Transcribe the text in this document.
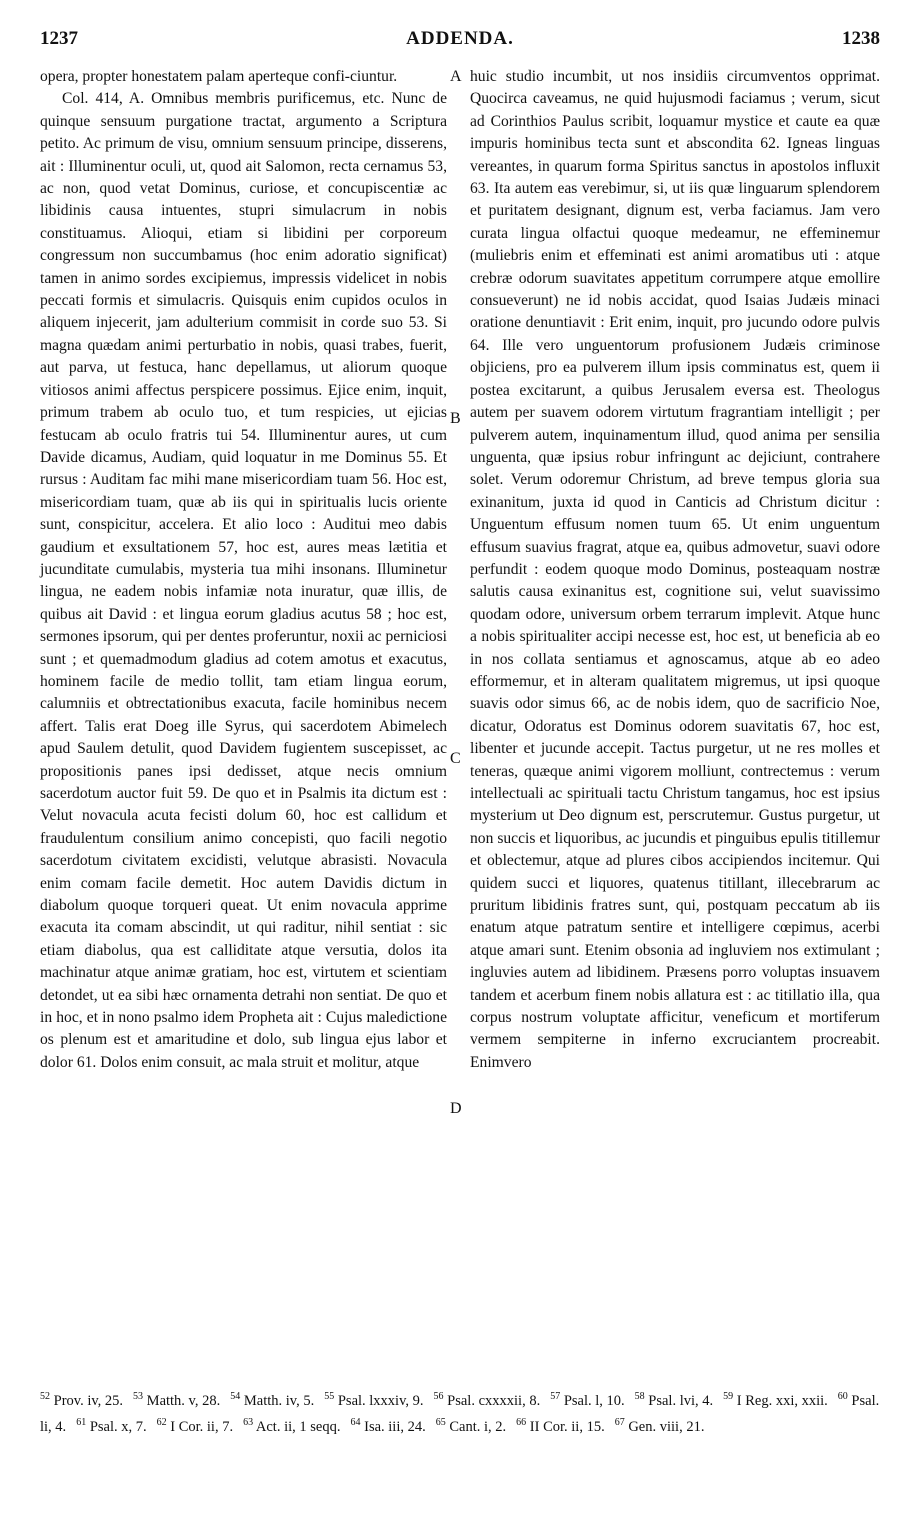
1237	ADDENDA.	1238

opera, propter honestatem palam aperteque confi-ciuntur.

Col. 414, A. Omnibus membris purificemus, etc. Nunc de quinque sensuum purgatione tractat, argumento a Scriptura petito. Ac primum de visu, omnium sensuum principe, disserens, ait : Illuminentur oculi, ut, quod ait Salomon, recta cernamus 53, ac non, quod vetat Dominus, curiose, et concupiscentiæ ac libidinis causa intuentes, stupri simulacrum in nobis constituamus. Alioqui, etiam si libidini per corporeum congressum non succumbamus (hoc enim adoratio significat) tamen in animo sordes excipiemus, impressis videlicet in nobis peccati formis et simulacris. Quisquis enim cupidos oculos in aliquem injecerit, jam adulterium commisit in corde suo 53. Si magna quædam animi perturbatio in nobis, quasi trabes, fuerit, aut parva, ut festuca, hanc depellamus, ut aliorum quoque vitiosos animi affectus perspicere possimus. Ejice enim, inquit, primum trabem ab oculo tuo, et tum respicies, ut ejicias festucam ab oculo fratris tui 54. Illuminentur aures, ut cum Davide dicamus, Audiam, quid loquatur in me Dominus 55. Et rursus : Auditam fac mihi mane misericordiam tuam 56. Hoc est, misericordiam tuam, quæ ab iis qui in spiritualis lucis oriente sunt, conspicitur, accelera. Et alio loco : Auditui meo dabis gaudium et exsultationem 57, hoc est, aures meas lætitia et jucunditate cumulabis, mysteria tua mihi insonans. Illuminetur lingua, ne eadem nobis infamiæ nota inuratur, quæ illis, de quibus ait David : et lingua eorum gladius acutus 58 ; hoc est, sermones ipsorum, qui per dentes proferuntur, noxii ac perniciosi sunt ; et quemadmodum gladius ad cotem amotus et exacutus, hominem facile de medio tollit, tam etiam lingua eorum, calumniis et obtrectationibus exacuta, facile hominibus necem affert. Talis erat Doeg ille Syrus, qui sacerdotem Abimelech apud Saulem detulit, quod Davidem fugientem suscepisset, ac propositionis panes ipsi dedisset, atque necis omnium sacerdotum auctor fuit 59. De quo et in Psalmis ita dictum est : Velut novacula acuta fecisti dolum 60, hoc est callidum et fraudulentum consilium animo concepisti, quo facili negotio sacerdotum civitatem excidisti, velutque abrasisti. Novacula enim comam facile demetit. Hoc autem Davidis dictum in diabolum quoque torqueri queat. Ut enim novacula apprime exacuta ita comam abscindit, ut qui raditur, nihil sentiat : sic etiam diabolus, qua est calliditate atque versutia, dolos ita machinatur atque animæ gratiam, hoc est, virtutem et scientiam detondet, ut ea sibi hæc ornamenta detrahi non sentiat. De quo et in hoc, et in nono psalmo idem Propheta ait : Cujus maledictione os plenum est et amaritudine et dolo, sub lingua ejus labor et dolor 61. Dolos enim consuit, ac mala struit et molitur, atque

A
B
C
D

huic studio incumbit, ut nos insidiis circumventos opprimat. Quocirca caveamus, ne quid hujusmodi faciamus ; verum, sicut ad Corinthios Paulus scribit, loquamur mystice et caute ea quæ impuris hominibus tecta sunt et abscondita 62. Igneas linguas vereantes, in quarum forma Spiritus sanctus in apostolos influxit 63. Ita autem eas verebimur, si, ut iis quæ linguarum splendorem et puritatem designant, dignum est, verba faciamus. Jam vero curata lingua olfactui quoque medeamur, ne effeminemur (muliebris enim et effeminati est animi aromatibus uti : atque crebræ odorum suavitates appetitum corrumpere atque emollire consueverunt) ne id nobis accidat, quod Isaias Judæis minaci oratione denuntiavit : Erit enim, inquit, pro jucundo odore pulvis 64. Ille vero unguentorum profusionem Judæis criminose objiciens, pro ea pulverem illum ipsis comminatus est, quem ii postea excitarunt, a quibus Jerusalem eversa est. Theologus autem per suavem odorem virtutum fragrantiam intelligit ; per pulverem autem, inquinamentum illud, quod anima per sensilia unguenta, quæ ipsius robur infringunt ac dejiciunt, contrahere solet. Verum odoremur Christum, ad breve tempus gloria sua exinanitum, juxta id quod in Canticis ad Christum dicitur : Unguentum effusum nomen tuum 65. Ut enim unguentum effusum suavius fragrat, atque ea, quibus admovetur, suavi odore perfundit : eodem quoque modo Dominus, posteaquam nostræ salutis causa exinanitus est, cognitione sui, velut suavissimo quodam odore, universum orbem terrarum implevit. Atque hunc a nobis spiritualiter accipi necesse est, hoc est, ut beneficia ab eo in nos collata sentiamus et agnoscamus, atque ab eo adeo efformemur, et in alteram qualitatem migremus, ut ipsi quoque suavis odor simus 66, ac de nobis idem, quo de sacrificio Noe, dicatur, Odoratus est Dominus odorem suavitatis 67, hoc est, libenter et jucunde accepit. Tactus purgetur, ut ne res molles et teneras, quæque animi vigorem molliunt, contrectemus : verum intellectuali ac spirituali tactu Christum tangamus, hoc est ipsius mysterium ut Deo dignum est, perscrutemur. Gustus purgetur, ut non succis et liquoribus, ac jucundis et pinguibus epulis titillemur et oblectemur, atque ad plures cibos accipiendos incitemur. Qui quidem succi et liquores, quatenus titillant, illecebrarum ac pruritum libidinis fratres sunt, qui, postquam peccatum ab iis enatum atque patratum sentire et intelligere cœpimus, acerbi atque amari sunt. Etenim obsonia ad ingluviem nos extimulant ; ingluvies autem ad libidinem. Præsens porro voluptas insuavem tandem et acerbum finem nobis allatura est : ac titillatio illa, qua corpus nostrum voluptate afficitur, veneficum et mortiferum vermem sempiterne in inferno excruciantem procreabit. Enimvero

$^{52}$ Prov. iv, 25. $^{53}$ Matth. v, 28. $^{54}$ Matth. iv, 5. $^{55}$ Psal. lxxxiv, 9. $^{56}$ Psal. cxxxxii, 8. $^{57}$ Psal. l, 10. $^{58}$ Psal. lvi, 4. $^{59}$ I Reg. xxi, xxii. $^{60}$ Psal. li, 4. $^{61}$ Psal. x, 7. $^{62}$ I Cor. ii, 7. $^{63}$ Act. ii, 1 seqq. $^{64}$ Isa. iii, 24. $^{65}$ Cant. i, 2. $^{66}$ II Cor. ii, 15. $^{67}$ Gen. viii, 21.
